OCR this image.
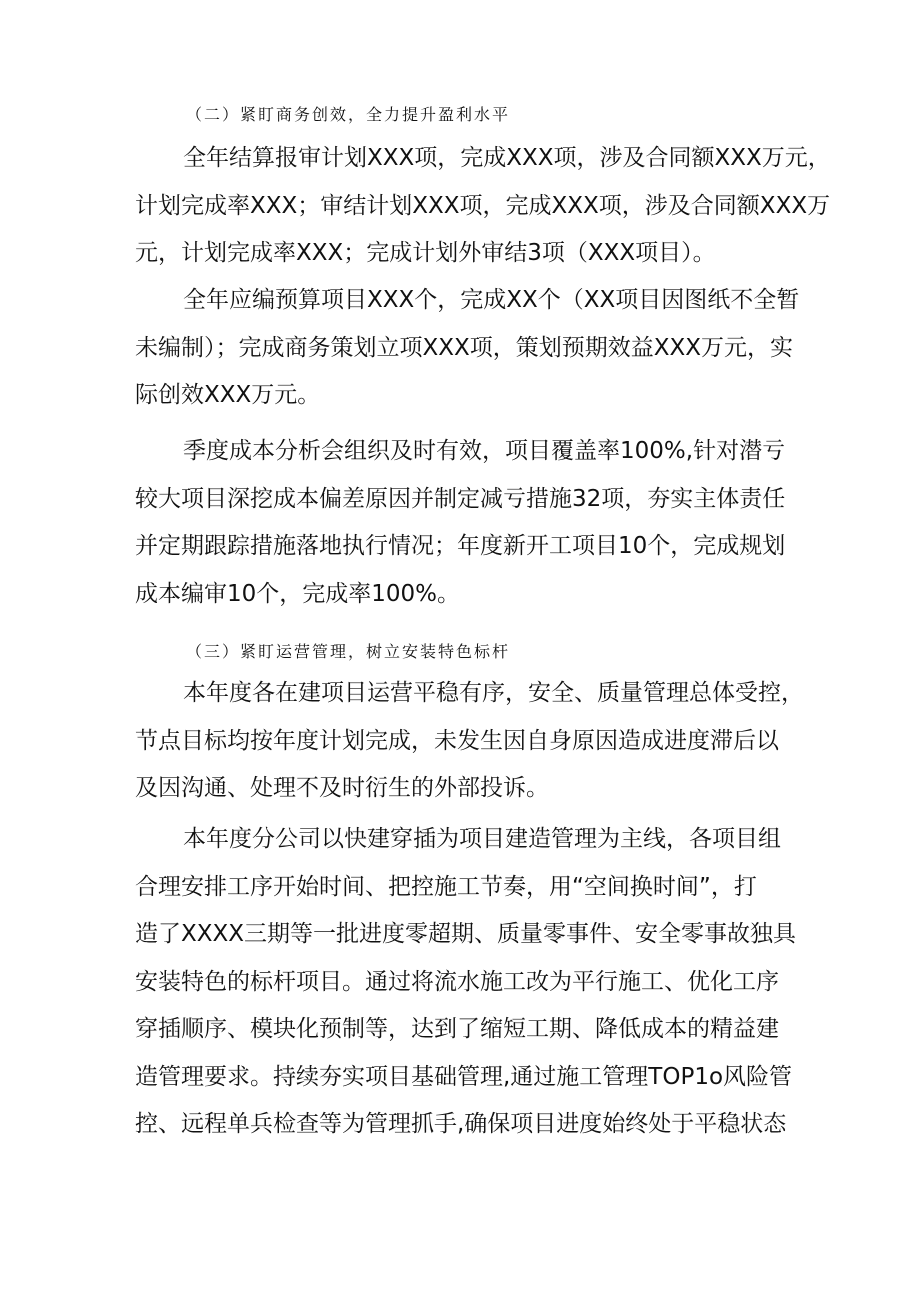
（二）紧盯商务创效，全力提升盈利水平
全年结算报审计划XXX项，完成XXX项，涉及合同额XXX万元，
计划完成率XXX；审结计划XXX项，完成XXX项，涉及合同额XXX万
元，计划完成率XXX；完成计划外审结3项（XXX项目）。
全年应编预算项目XXX个，完成XX个（XX项目因图纸不全暂
未编制）；完成商务策划立项XXX项，策划预期效益XXX万元，实
际创效XXX万元。
季度成本分析会组织及时有效，项目覆盖率100%,针对潜亏
较大项目深挖成本偏差原因并制定减亏措施32项，夯实主体责任
并定期跟踪措施落地执行情况；年度新开工项目10个，完成规划
成本编审10个，完成率100%。
（三）紧盯运营管理，树立安装特色标杆
本年度各在建项目运营平稳有序，安全、质量管理总体受控，
节点目标均按年度计划完成，未发生因自身原因造成进度滞后以
及因沟通、处理不及时衍生的外部投诉。
本年度分公司以快建穿插为项目建造管理为主线，各项目组
合理安排工序开始时间、把控施工节奏，用“空间换时间”，打
造了XXXX三期等一批进度零超期、质量零事件、安全零事故独具
安装特色的标杆项目。通过将流水施工改为平行施工、优化工序
穿插顺序、模块化预制等，达到了缩短工期、降低成本的精益建
造管理要求。持续夯实项目基础管理,通过施工管理TOP1o风险管
控、远程单兵检查等为管理抓手,确保项目进度始终处于平稳状态
